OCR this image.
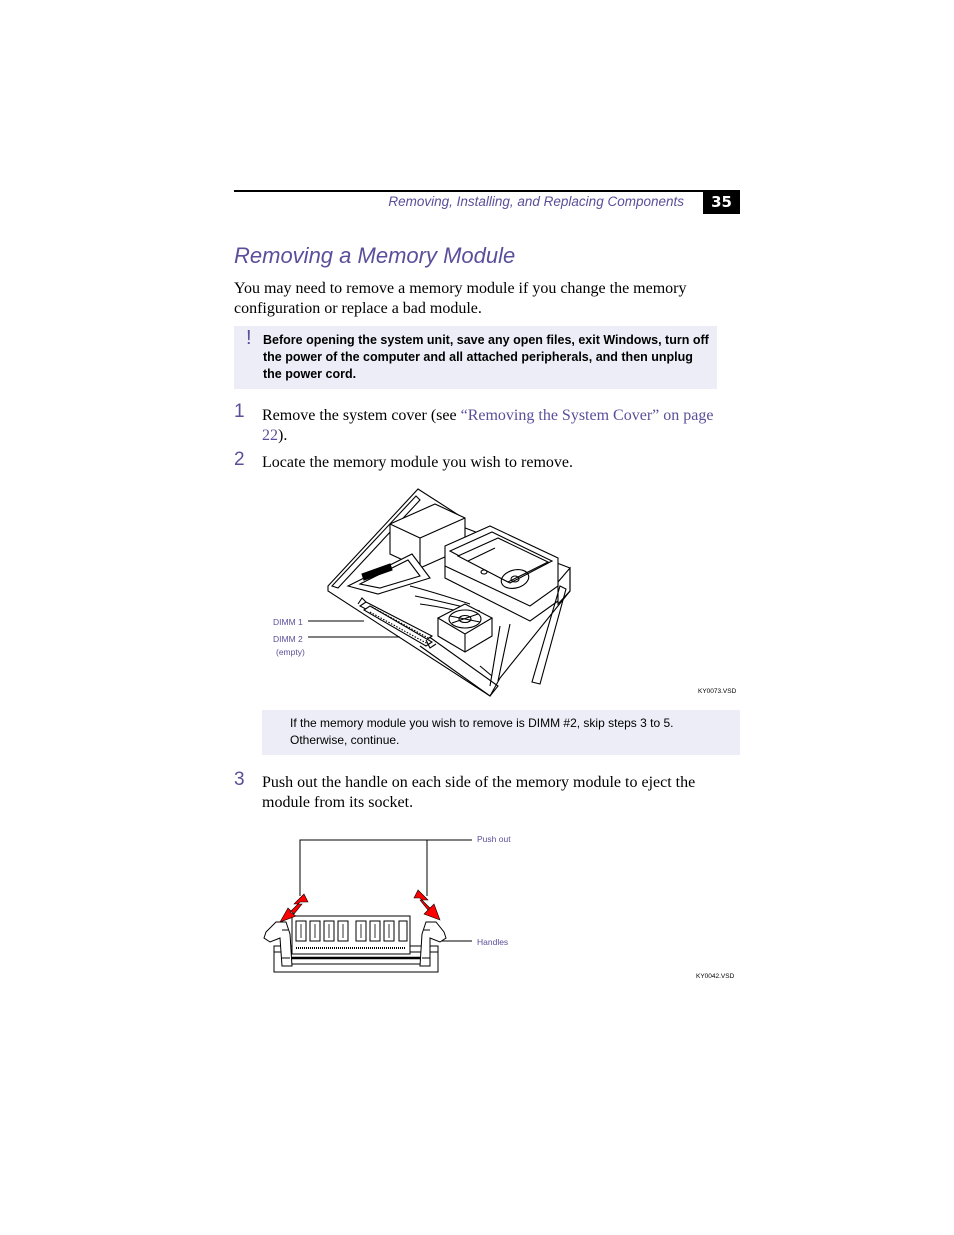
Removing, Installing, and Replacing Components	35
Removing a Memory Module
You may need to remove a memory module if you change the memory configuration or replace a bad module.
! Before opening the system unit, save any open files, exit Windows, turn off the power of the computer and all attached peripherals, and then unplug the power cord.
1 Remove the system cover (see “Removing the System Cover” on page 22).
2 Locate the memory module you wish to remove.
DIMM 1
DIMM 2
(empty)
KY0073.VSD
If the memory module you wish to remove is DIMM #2, skip steps 3 to 5. Otherwise, continue.
3 Push out the handle on each side of the memory module to eject the module from its socket.
Push out
Handles
KY0042.VSD
